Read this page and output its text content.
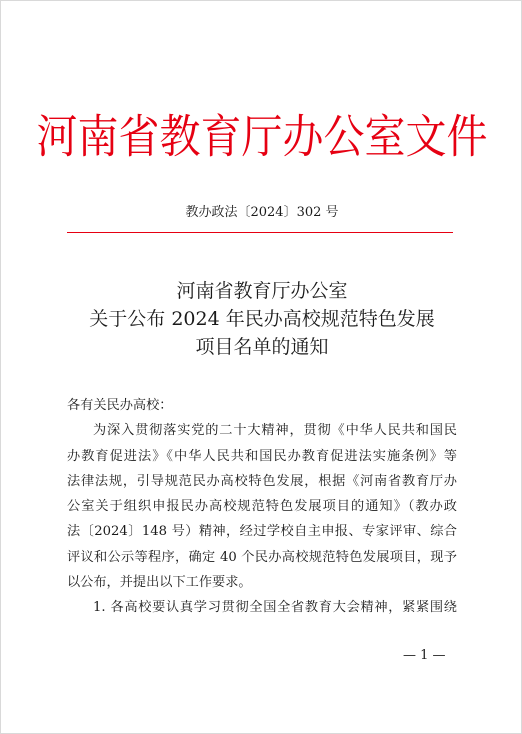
河南省教育厅办公室文件
教办政法〔2024〕302 号
河南省教育厅办公室
关于公布 2024 年民办高校规范特色发展
项目名单的通知
各有关民办高校：
为深入贯彻落实党的二十大精神，贯彻《中华人民共和国民
办教育促进法》《中华人民共和国民办教育促进法实施条例》等
法律法规，引导规范民办高校特色发展，根据《河南省教育厅办
公室关于组织申报民办高校规范特色发展项目的通知》（教办政
法〔2024〕148 号）精神，经过学校自主申报、专家评审、综合
评议和公示等程序，确定 40 个民办高校规范特色发展项目，现予
以公布，并提出以下工作要求。
1. 各高校要认真学习贯彻全国全省教育大会精神，紧紧围绕
— 1 —
